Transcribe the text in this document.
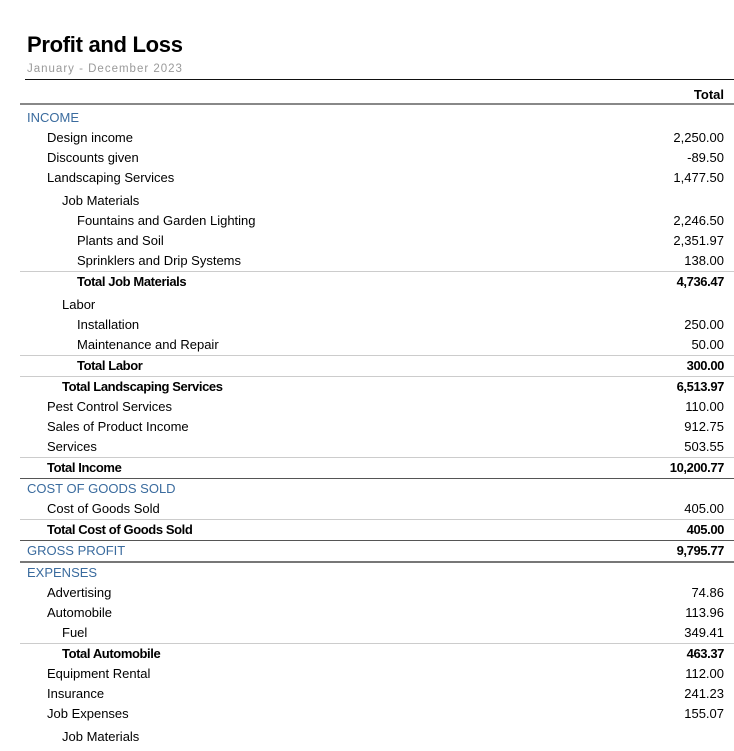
Profit and Loss
January - December 2023
Total
INCOME
Design income	2,250.00
Discounts given	-89.50
Landscaping Services	1,477.50
Job Materials
Fountains and Garden Lighting	2,246.50
Plants and Soil	2,351.97
Sprinklers and Drip Systems	138.00
Total Job Materials	4,736.47
Labor
Installation	250.00
Maintenance and Repair	50.00
Total Labor	300.00
Total Landscaping Services	6,513.97
Pest Control Services	110.00
Sales of Product Income	912.75
Services	503.55
Total Income	10,200.77
COST OF GOODS SOLD
Cost of Goods Sold	405.00
Total Cost of Goods Sold	405.00
GROSS PROFIT	9,795.77
EXPENSES
Advertising	74.86
Automobile	113.96
Fuel	349.41
Total Automobile	463.37
Equipment Rental	112.00
Insurance	241.23
Job Expenses	155.07
Job Materials
